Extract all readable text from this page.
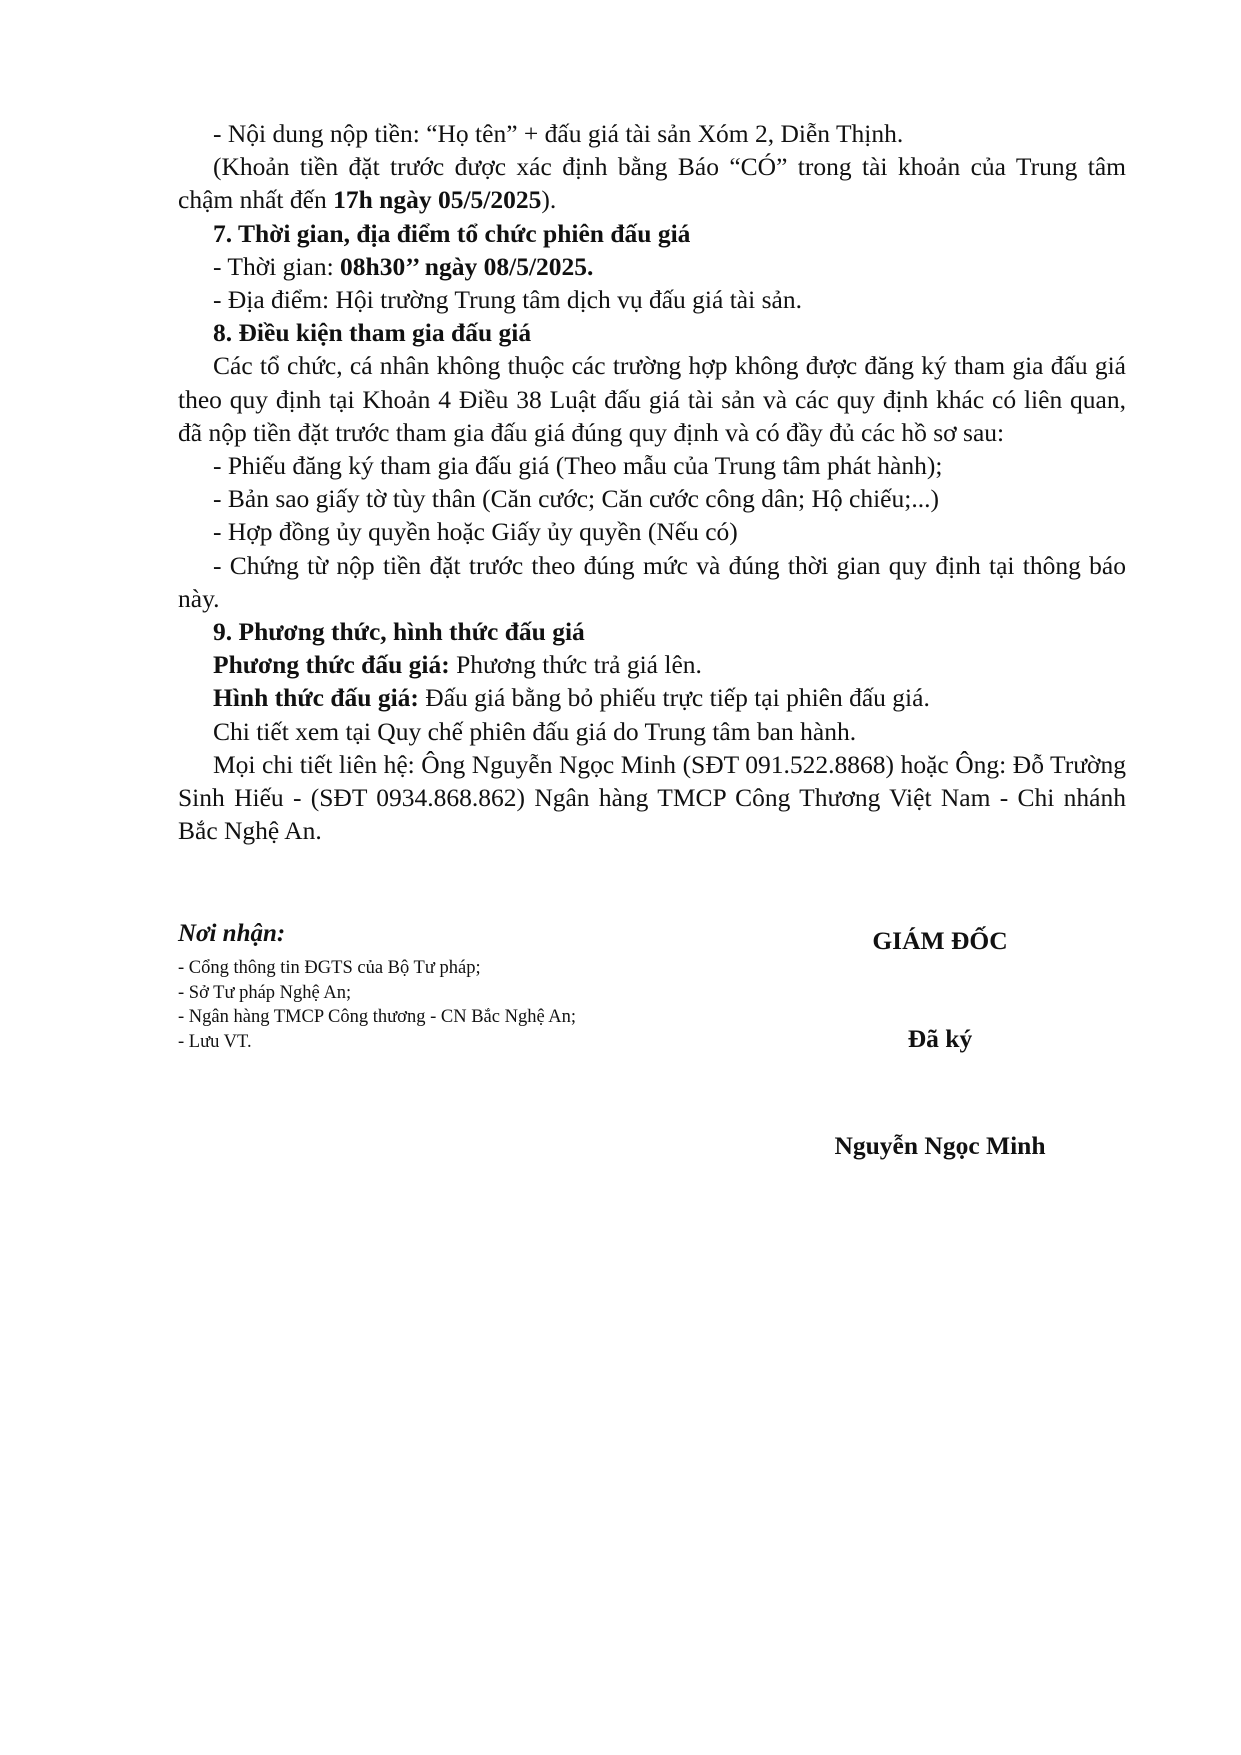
- Nội dung nộp tiền: “Họ tên” + đấu giá tài sản Xóm 2, Diễn Thịnh.

(Khoản tiền đặt trước được xác định bằng Báo “CÓ” trong tài khoản của Trung tâm chậm nhất đến 17h ngày 05/5/2025).

7. Thời gian, địa điểm tổ chức phiên đấu giá

- Thời gian: 08h30’’ ngày 08/5/2025.

- Địa điểm: Hội trường Trung tâm dịch vụ đấu giá tài sản.

8. Điều kiện tham gia đấu giá

Các tổ chức, cá nhân không thuộc các trường hợp không được đăng ký tham gia đấu giá theo quy định tại Khoản 4 Điều 38 Luật đấu giá tài sản và các quy định khác có liên quan, đã nộp tiền đặt trước tham gia đấu giá đúng quy định và có đầy đủ các hồ sơ sau:

- Phiếu đăng ký tham gia đấu giá (Theo mẫu của Trung tâm phát hành);

- Bản sao giấy tờ tùy thân (Căn cước; Căn cước công dân; Hộ chiếu;...)

- Hợp đồng ủy quyền hoặc Giấy ủy quyền (Nếu có)

- Chứng từ nộp tiền đặt trước theo đúng mức và đúng thời gian quy định tại thông báo này.

9. Phương thức, hình thức đấu giá

Phương thức đấu giá: Phương thức trả giá lên.

Hình thức đấu giá: Đấu giá bằng bỏ phiếu trực tiếp tại phiên đấu giá.

Chi tiết xem tại Quy chế phiên đấu giá do Trung tâm ban hành.

Mọi chi tiết liên hệ: Ông Nguyễn Ngọc Minh (SĐT 091.522.8868) hoặc Ông: Đỗ Trường Sinh Hiếu - (SĐT 0934.868.862) Ngân hàng TMCP Công Thương Việt Nam - Chi nhánh Bắc Nghệ An.

Nơi nhận:

- Cổng thông tin ĐGTS của Bộ Tư pháp;

- Sở Tư pháp Nghệ An;

- Ngân hàng TMCP Công thương - CN Bắc Nghệ An;

- Lưu VT.

GIÁM ĐỐC
Đã ký
Nguyễn Ngọc Minh
